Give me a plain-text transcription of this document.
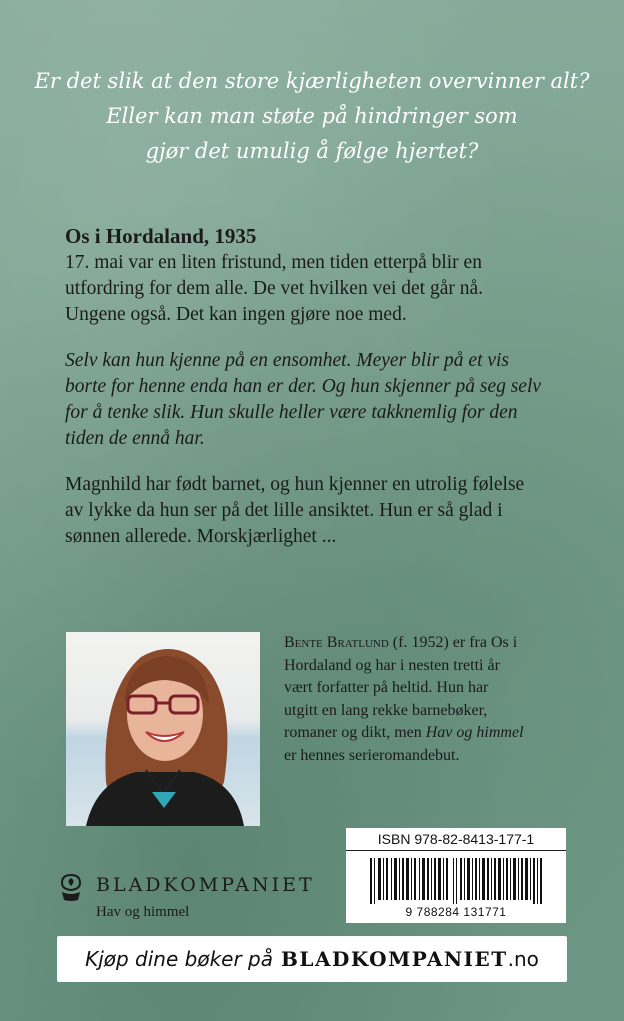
Er det slik at den store kjærligheten overvinner alt?
Eller kan man støte på hindringer som
gjør det umulig å følge hjertet?
Os i Hordaland, 1935
17. mai var en liten fristund, men tiden etterpå blir en
utfordring for dem alle. De vet hvilken vei det går nå.
Ungene også. Det kan ingen gjøre noe med.
Selv kan hun kjenne på en ensomhet. Meyer blir på et vis
borte for henne enda han er der. Og hun skjenner på seg selv
for å tenke slik. Hun skulle heller være takknemlig for den
tiden de ennå har.
Magnhild har født barnet, og hun kjenner en utrolig følelse
av lykke da hun ser på det lille ansiktet. Hun er så glad i
sønnen allerede. Morskjærlighet ...
Bente Bratlund (f. 1952) er fra Os i
Hordaland og har i nesten tretti år
vært forfatter på heltid. Hun har
utgitt en lang rekke barnebøker,
romaner og dikt, men Hav og himmel
er hennes serieromandebut.
BLADKOMPANIET
Hav og himmel
ISBN 978-82-8413-177-1
9 788284 131771
Kjøp dine bøker på BLADKOMPANIET .no
